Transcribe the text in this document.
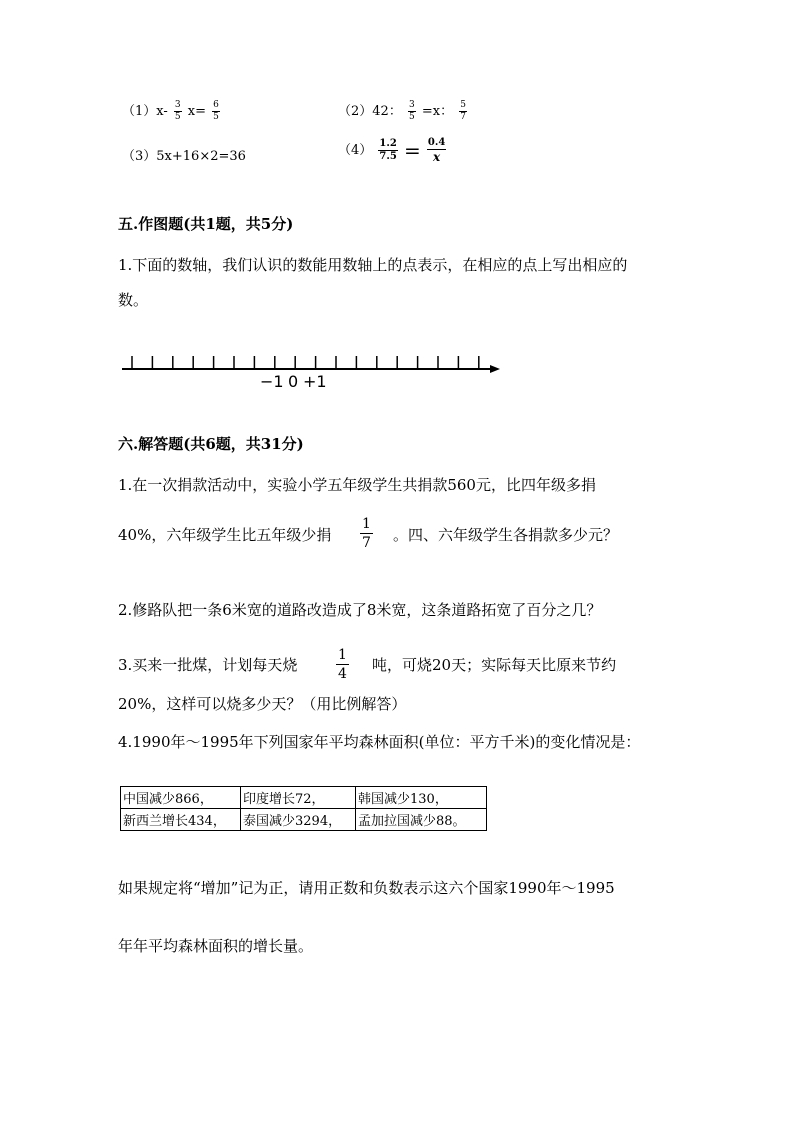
$(1)x- \frac{3}{5} x= \frac{6}{5}$	（2）42： $\frac{3}{5} =x$： $\frac{5}{7}$
（3）5x+16×2=36	$(4) \frac{1.2}{7.5} = \frac{0.4}{x}$
五.作图题(共1题，共5分)
1.下面的数轴，我们认识的数能用数轴上的点表示，在相应的点上写出相应的
数。
−1 0 +1
六.解答题(共6题，共31分)
1.在一次捐款活动中，实验小学五年级学生共捐款560元，比四年级多捐
40%，六年级学生比五年级少捐 $\frac{1}{7}$ 。四、六年级学生各捐款多少元？
2.修路队把一条6米宽的道路改造成了8米宽，这条道路拓宽了百分之几？
3.买来一批煤，计划每天烧	$\frac{1}{4}$ 吨，可烧20天；实际每天比原来节约
20%，这样可以烧多少天？（用比例解答）
4.1990年～1995年下列国家年平均森林面积(单位：平方千米)的变化情况是：
中国减少866，	印度增长72，	韩国减少130，
新西兰增长434，	泰国减少3294，	孟加拉国减少88。
如果规定将“增加”记为正，请用正数和负数表示这六个国家1990年～1995
年年平均森林面积的增长量。
